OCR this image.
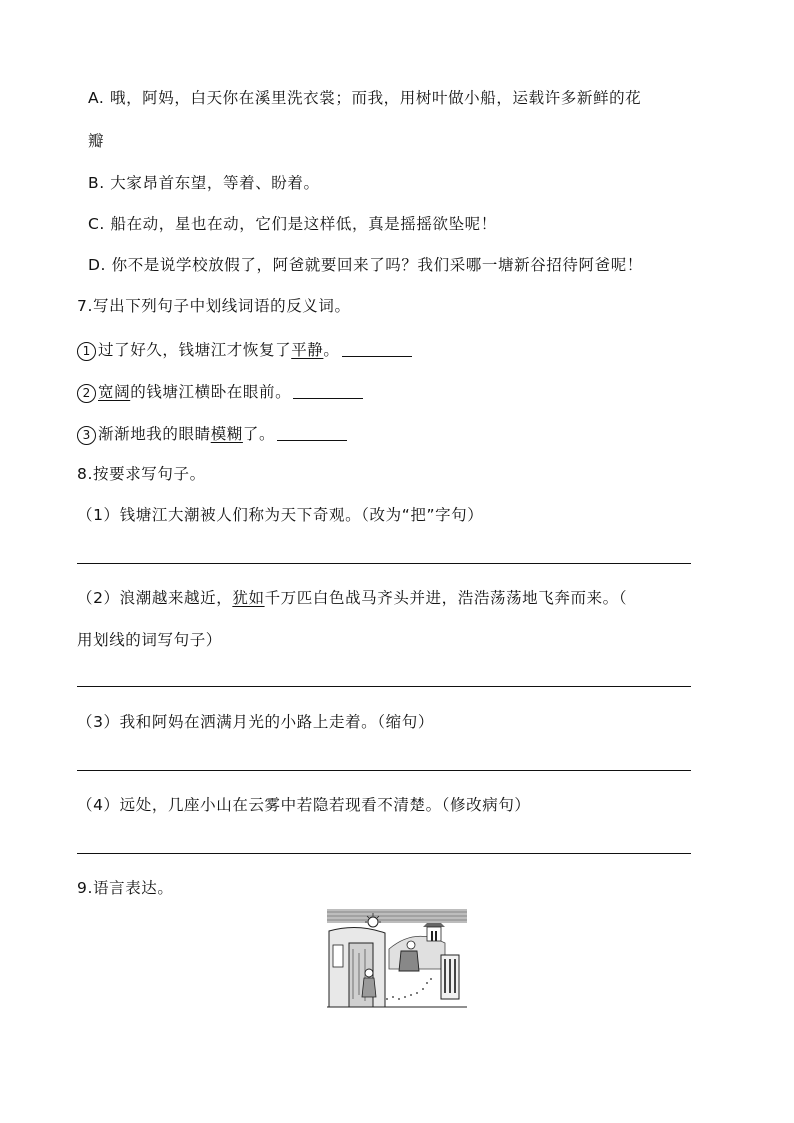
A. 哦，阿妈，白天你在溪里洗衣裳；而我，用树叶做小船，运载许多新鲜的花
瓣
B. 大家昂首东望，等着、盼着。
C. 船在动，星也在动，它们是这样低，真是摇摇欲坠呢！
D. 你不是说学校放假了，阿爸就要回来了吗？我们采哪一塘新谷招待阿爸呢！
7.写出下列句子中划线词语的反义词。
1 过了好久，钱塘江才恢复了平静。
2 宽阔的钱塘江横卧在眼前。
3 渐渐地我的眼睛模糊了。
8.按要求写句子。
（1）钱塘江大潮被人们称为天下奇观。（改为“把”字句）
（2）浪潮越来越近，犹如千万匹白色战马齐头并进，浩浩荡荡地飞奔而来。（
用划线的词写句子）
（3）我和阿妈在洒满月光的小路上走着。（缩句）
（4）远处，几座小山在云雾中若隐若现看不清楚。（修改病句）
9.语言表达。
